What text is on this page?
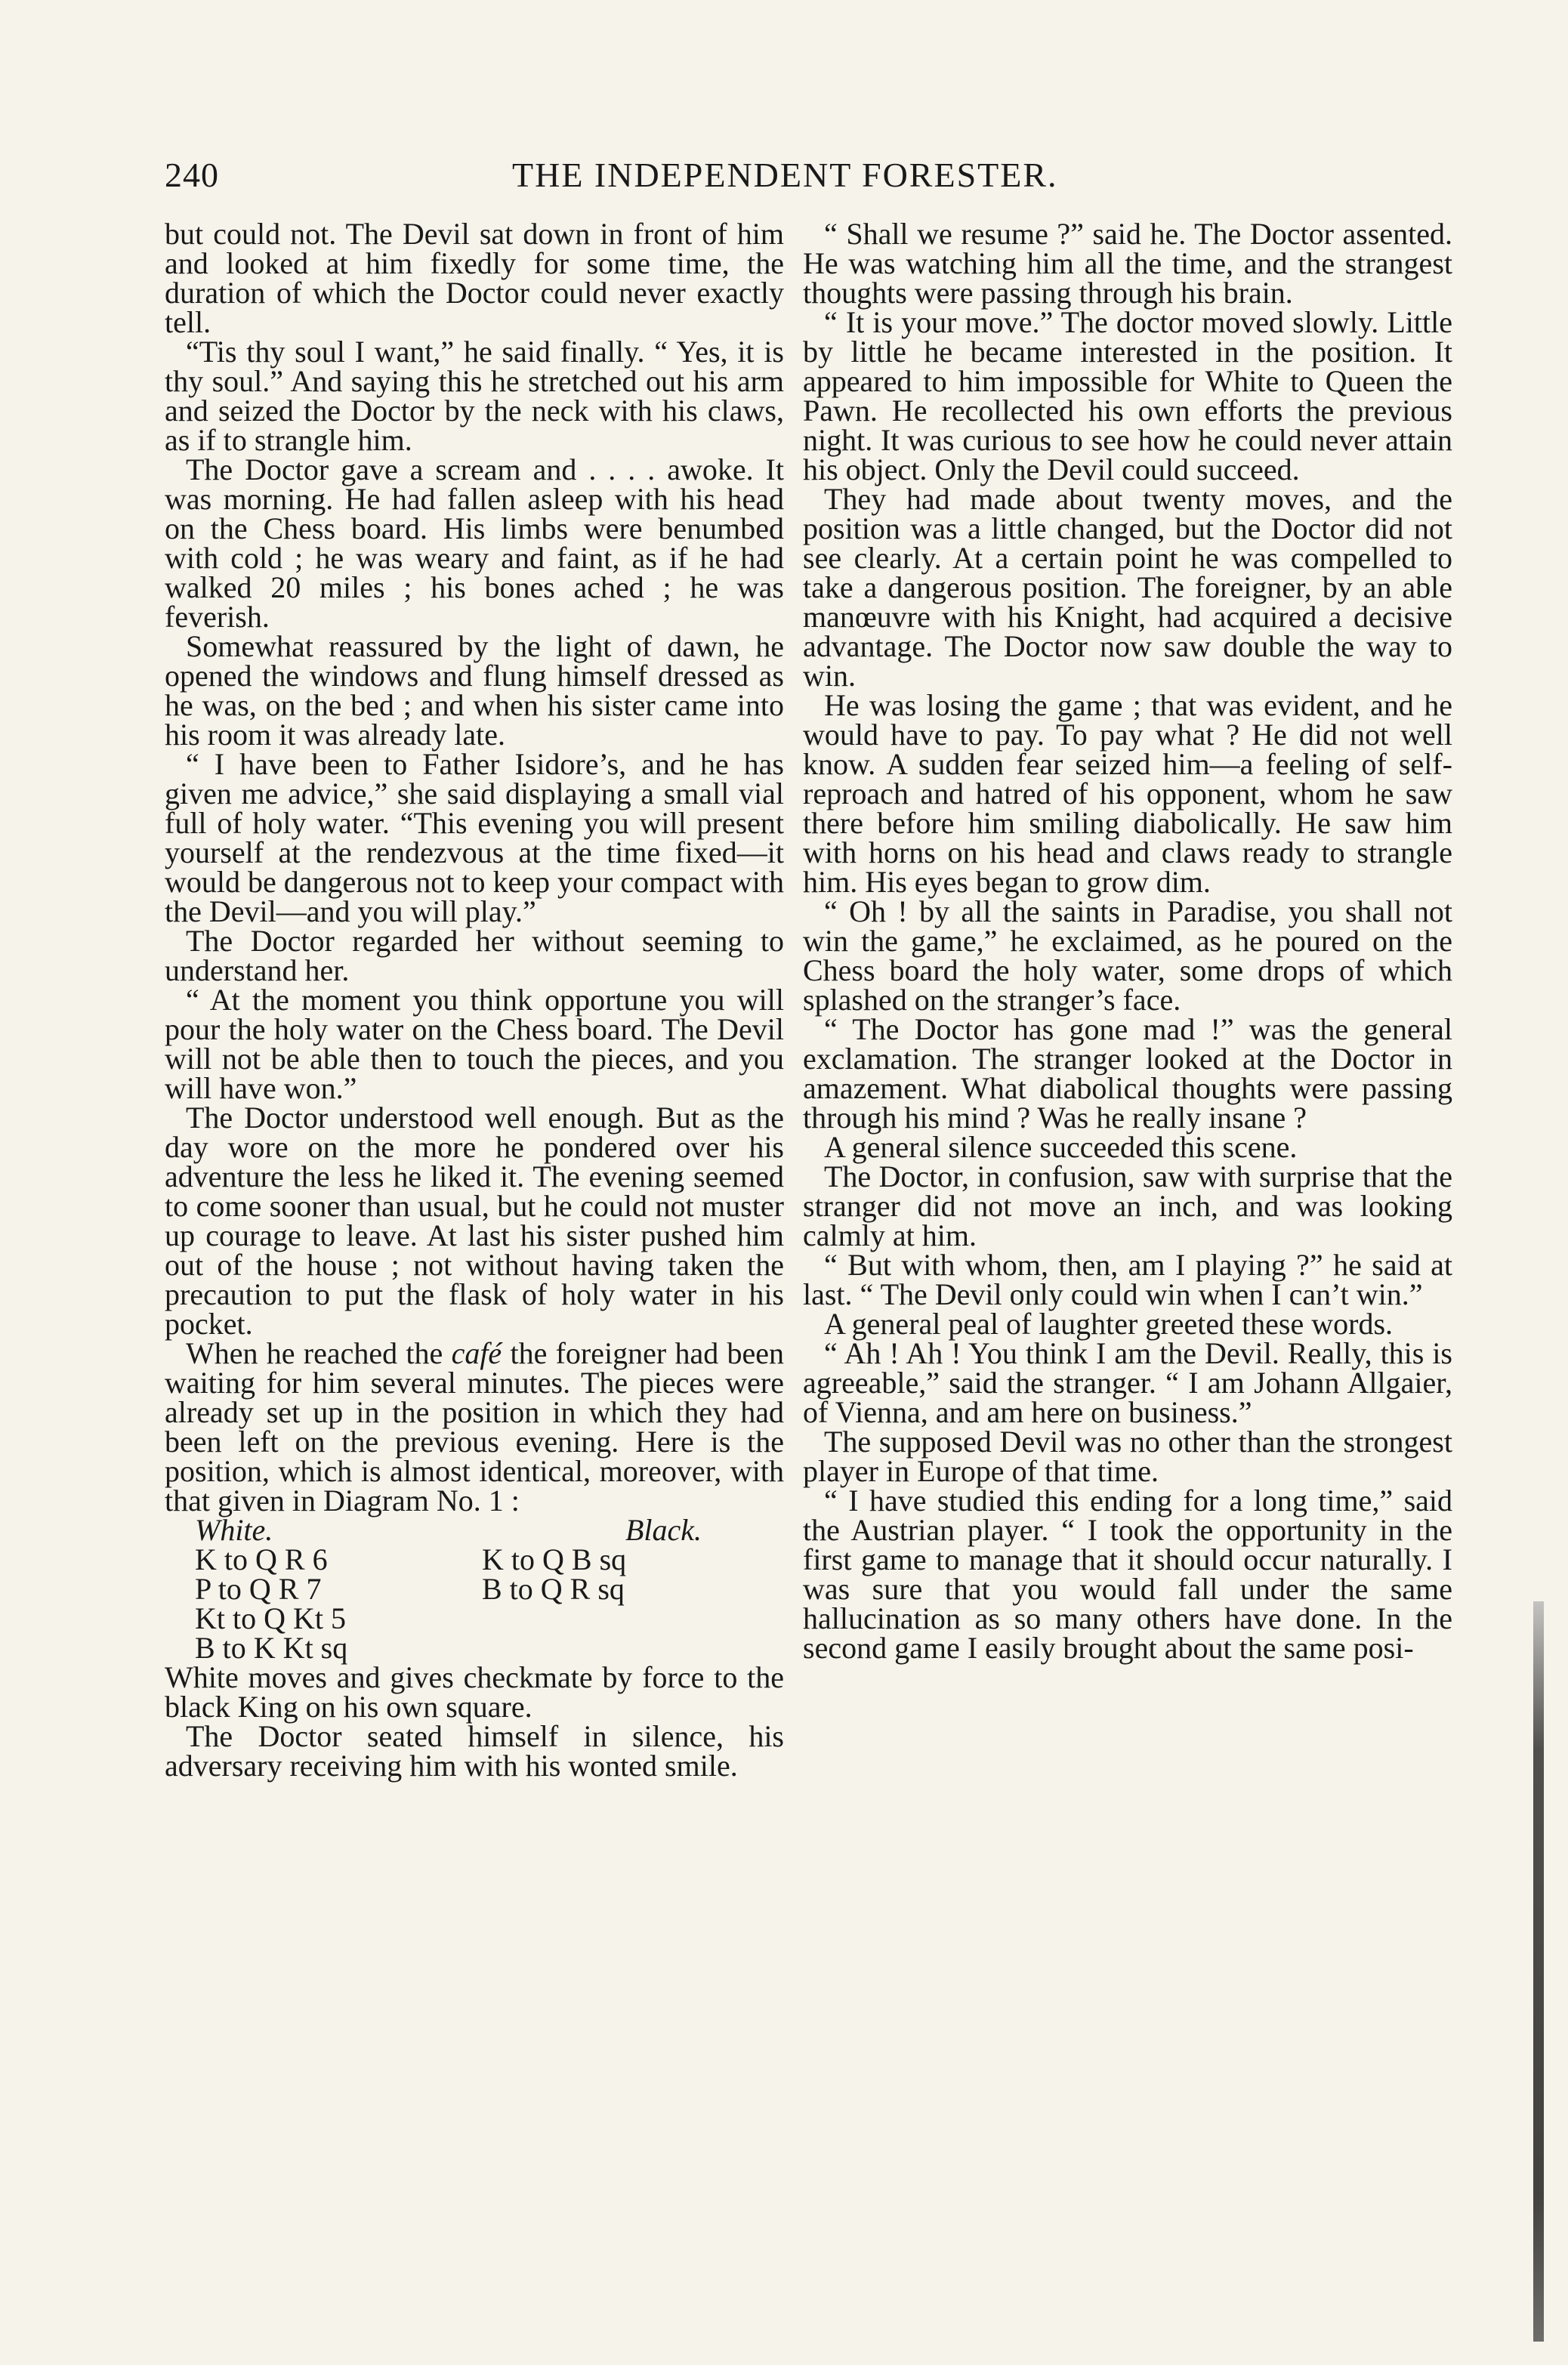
240	THE INDEPENDENT FORESTER.

but could not. The Devil sat down in front of him and looked at him fixedly for some time, the duration of which the Doctor could never exactly tell.

“Tis thy soul I want,” he said finally. “ Yes, it is thy soul.” And saying this he stretched out his arm and seized the Doctor by the neck with his claws, as if to strangle him.

The Doctor gave a scream and . . . . awoke. It was morning. He had fallen asleep with his head on the Chess board. His limbs were benumbed with cold ; he was weary and faint, as if he had walked 20 miles ; his bones ached ; he was feverish.

Somewhat reassured by the light of dawn, he opened the windows and flung himself dressed as he was, on the bed ; and when his sister came into his room it was already late.

“ I have been to Father Isidore’s, and he has given me advice,” she said displaying a small vial full of holy water. “This evening you will present yourself at the rendezvous at the time fixed—it would be dangerous not to keep your compact with the Devil—and you will play.”

The Doctor regarded her without seeming to understand her.

“ At the moment you think opportune you will pour the holy water on the Chess board. The Devil will not be able then to touch the pieces, and you will have won.”

The Doctor understood well enough. But as the day wore on the more he pondered over his adventure the less he liked it. The evening seemed to come sooner than usual, but he could not muster up courage to leave. At last his sister pushed him out of the house ; not without having taken the precaution to put the flask of holy water in his pocket.

When he reached the café the foreigner had been waiting for him several minutes. The pieces were already set up in the position in which they had been left on the previous evening. Here is the position, which is almost identical, moreover, with that given in Diagram No. 1 :

White.	Black.
K to Q R 6	K to Q B sq
P to Q R 7	B to Q R sq
Kt to Q Kt 5
B to K Kt sq

White moves and gives checkmate by force to the black King on his own square.

The Doctor seated himself in silence, his adversary receiving him with his wonted smile.

“ Shall we resume ?” said he. The Doctor assented. He was watching him all the time, and the strangest thoughts were passing through his brain.

“ It is your move.” The doctor moved slowly. Little by little he became interested in the position. It appeared to him impossible for White to Queen the Pawn. He recollected his own efforts the previous night. It was curious to see how he could never attain his object. Only the Devil could succeed.

They had made about twenty moves, and the position was a little changed, but the Doctor did not see clearly. At a certain point he was compelled to take a dangerous position. The foreigner, by an able manœuvre with his Knight, had acquired a decisive advantage. The Doctor now saw double the way to win.

He was losing the game ; that was evident, and he would have to pay. To pay what ? He did not well know. A sudden fear seized him—a feeling of self-reproach and hatred of his opponent, whom he saw there before him smiling diabolically. He saw him with horns on his head and claws ready to strangle him. His eyes began to grow dim.

“ Oh ! by all the saints in Paradise, you shall not win the game,” he exclaimed, as he poured on the Chess board the holy water, some drops of which splashed on the stranger’s face.

“ The Doctor has gone mad !” was the general exclamation. The stranger looked at the Doctor in amazement. What diabolical thoughts were passing through his mind ? Was he really insane ?

A general silence succeeded this scene.

The Doctor, in confusion, saw with surprise that the stranger did not move an inch, and was looking calmly at him.

“ But with whom, then, am I playing ?” he said at last. “ The Devil only could win when I can’t win.”

A general peal of laughter greeted these words.

“ Ah ! Ah ! You think I am the Devil. Really, this is agreeable,” said the stranger. “ I am Johann Allgaier, of Vienna, and am here on business.”

The supposed Devil was no other than the strongest player in Europe of that time.

“ I have studied this ending for a long time,” said the Austrian player. “ I took the opportunity in the first game to manage that it should occur naturally. I was sure that you would fall under the same hallucination as so many others have done. In the second game I easily brought about the same posi-
